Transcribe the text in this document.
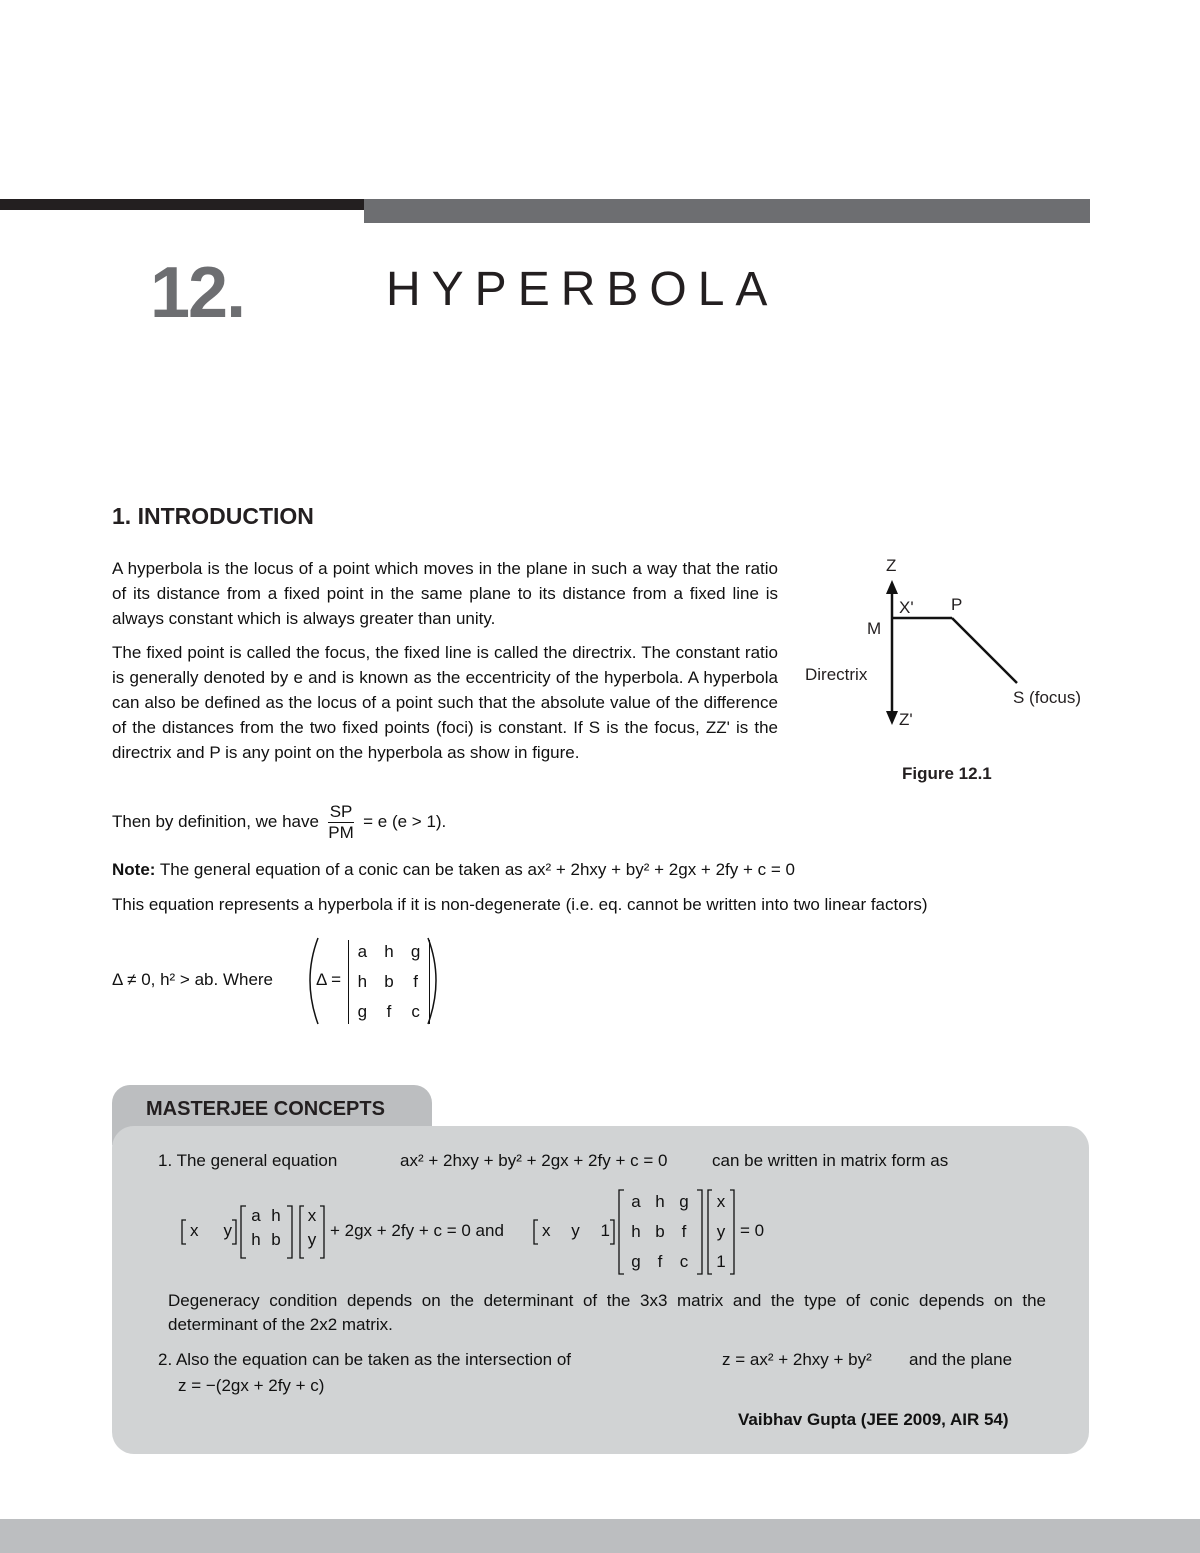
12.	HYPERBOLA
1. INTRODUCTION
A hyperbola is the locus of a point which moves in the plane in such a way that the ratio of its distance from a fixed point in the same plane to its distance from a fixed line is always constant which is always greater than unity.
The fixed point is called the focus, the fixed line is called the directrix. The constant ratio is generally denoted by e and is known as the eccentricity of the hyperbola. A hyperbola can also be defined as the locus of a point such that the absolute value of the difference of the distances from the two fixed points (foci) is constant. If S is the focus, ZZ' is the directrix and P is any point on the hyperbola as show in figure.
Z
X' P
M
Directrix
S (focus)
Z'
Figure 12.1
Then by definition, we have $\frac{SP}{PM} = e$ (e > 1).
Note: The general equation of a conic can be taken as ax² + 2hxy + by² + 2gx + 2fy + c = 0
This equation represents a hyperbola if it is non-degenerate (i.e. eq. cannot be written into two linear factors)
Δ ≠ 0, h² > ab. Where	Δ =
a	h	g
h	b	f
g	f	c
MASTERJEE CONCEPTS
1. The general equation	ax² + 2hxy + by² + 2gx + 2fy + c = 0	can be written in matrix form as
x y
a h
h b
x
y + 2gx + 2fy + c = 0 and x y 1
a h g
h b f
g f	c
x
y
1
= 0
Degeneracy condition depends on the determinant of the 3x3 matrix and the type of conic depends on the determinant of the 2x2 matrix.
2. Also the equation can be taken as the intersection of	z = ax² + 2hxy + by² and the plane
z = −(2gx + 2fy + c)
Vaibhav Gupta (JEE 2009, AIR 54)
